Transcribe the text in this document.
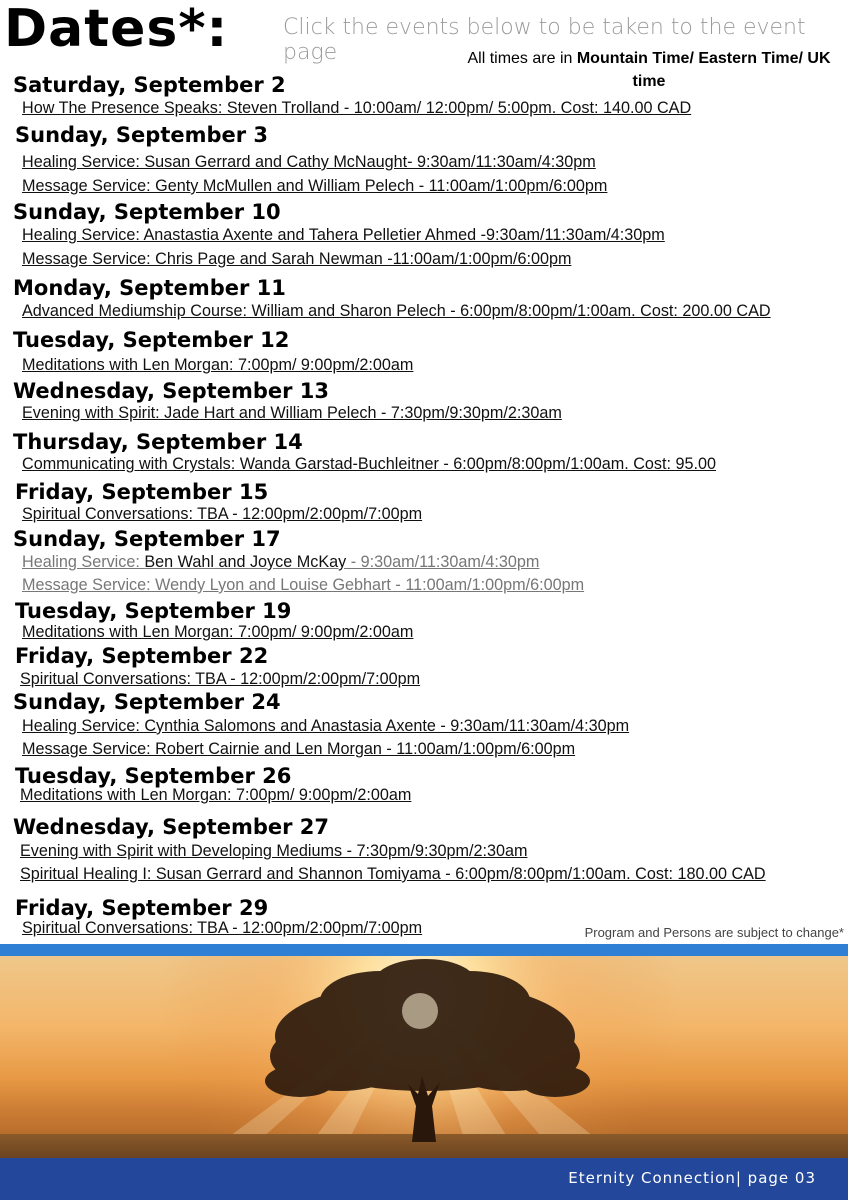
Dates*: Click the events below to be taken to the event page	All times are in Mountain Time/ Eastern Time/ UK time
Saturday, September 2
Sunday, September 3
Sunday, September 10
Monday, September 11
Tuesday, September 12
Wednesday, September 13
Thursday, September 14
Friday, September 15
Sunday, September 17
Tuesday, September 19
Friday, September 22
Sunday, September 24
Tuesday, September 26
Wednesday, September 27
Friday, September 29
How The Presence Speaks: Steven Trolland - 10:00am/ 12:00pm/ 5:00pm. Cost: 140.00 CAD
Healing Service: Susan Gerrard and Cathy McNaught- 9:30am/11:30am/4:30pm
Message Service: Genty McMullen and William Pelech - 11:00am/1:00pm/6:00pm
Healing Service: Anastastia Axente and Tahera Pelletier Ahmed -9:30am/11:30am/4:30pm
Message Service: Chris Page and Sarah Newman -11:00am/1:00pm/6:00pm
Advanced Mediumship Course: William and Sharon Pelech - 6:00pm/8:00pm/1:00am. Cost: 200.00 CAD
Meditations with Len Morgan: 7:00pm/ 9:00pm/2:00am
Evening with Spirit: Jade Hart and William Pelech - 7:30pm/9:30pm/2:30am
Communicating with Crystals: Wanda Garstad-Buchleitner - 6:00pm/8:00pm/1:00am. Cost: 95.00
Spiritual Conversations: TBA - 12:00pm/2:00pm/7:00pm
Healing Service: Ben Wahl and Joyce McKay - 9:30am/11:30am/4:30pm
Message Service: Wendy Lyon and Louise Gebhart - 11:00am/1:00pm/6:00pm
Meditations with Len Morgan: 7:00pm/ 9:00pm/2:00am
Spiritual Conversations: TBA - 12:00pm/2:00pm/7:00pm
Healing Service: Cynthia Salomons and Anastasia Axente - 9:30am/11:30am/4:30pm
Message Service: Robert Cairnie and Len Morgan - 11:00am/1:00pm/6:00pm
Meditations with Len Morgan: 7:00pm/ 9:00pm/2:00am
Evening with Spirit with Developing Mediums - 7:30pm/9:30pm/2:30am
Spiritual Healing I: Susan Gerrard and Shannon Tomiyama - 6:00pm/8:00pm/1:00am. Cost: 180.00 CAD
Spiritual Conversations: TBA - 12:00pm/2:00pm/7:00pm	Program and Persons are subject to change*
Eternity Connection| page 03
